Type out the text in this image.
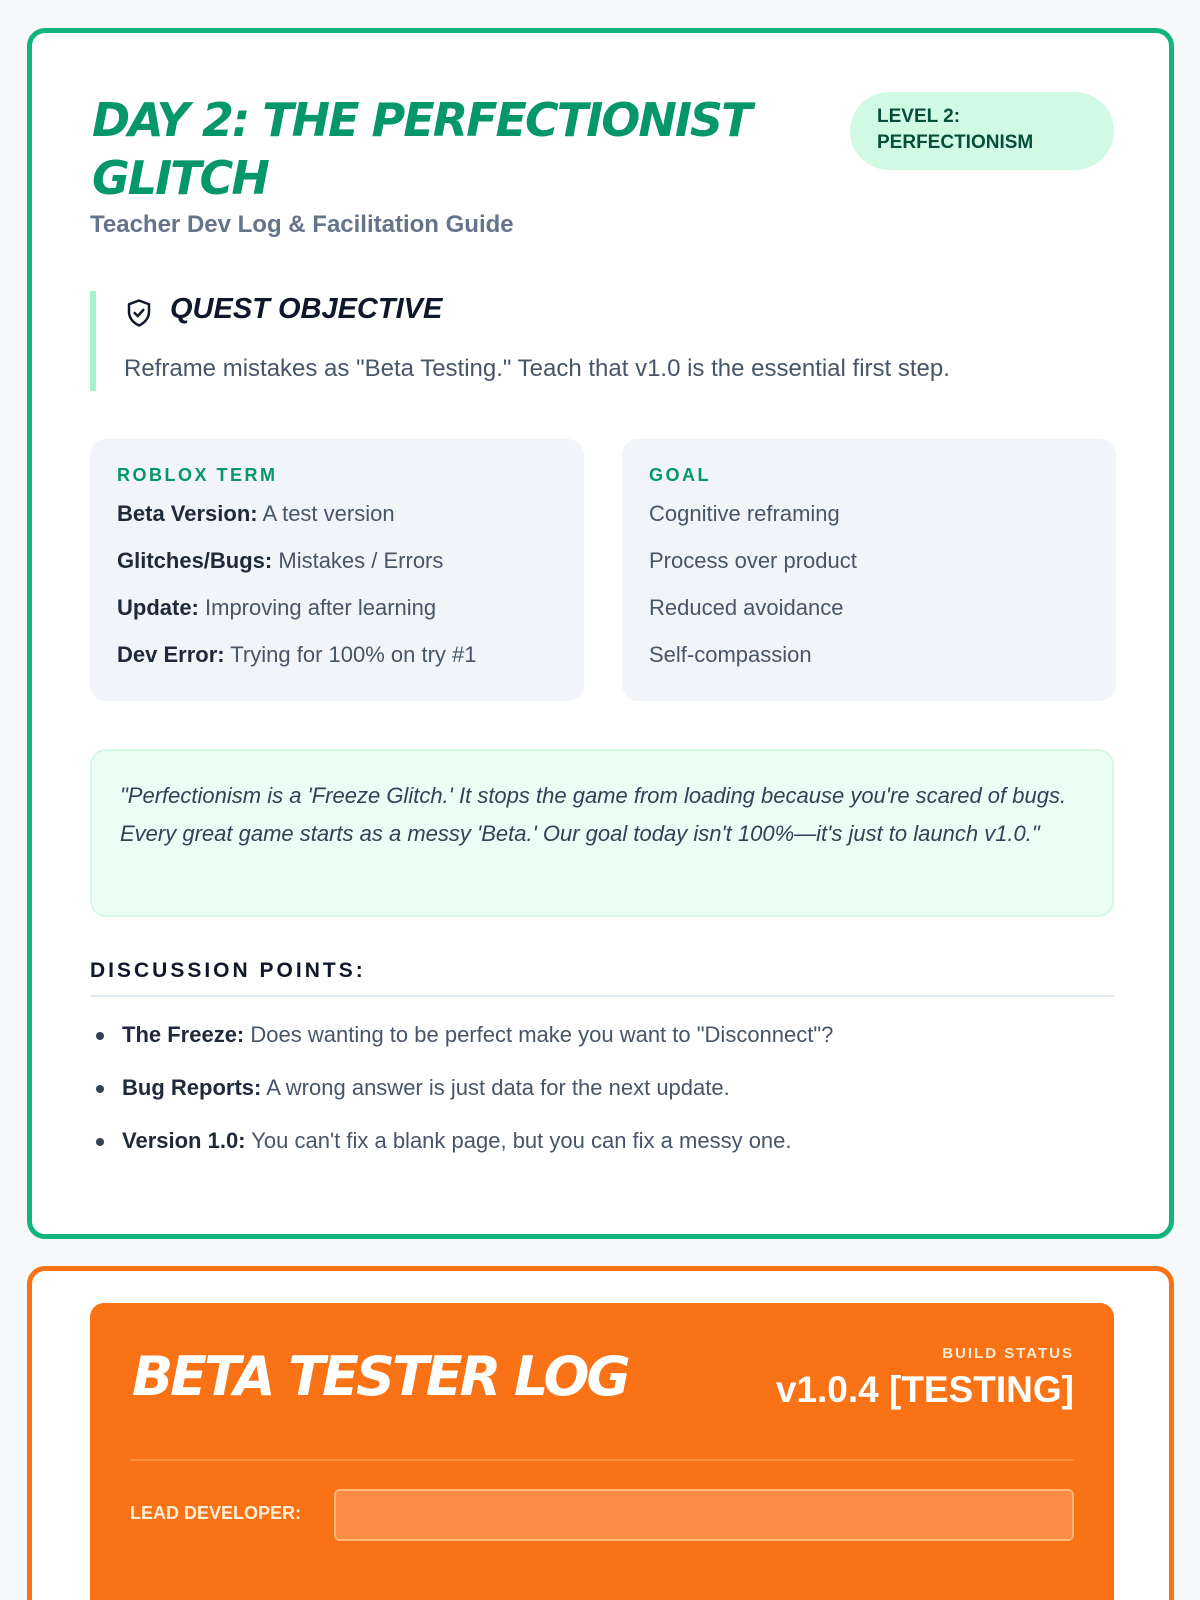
DAY 2: THE PERFECTIONIST GLITCH
LEVEL 2: PERFECTIONISM
Teacher Dev Log & Facilitation Guide
QUEST OBJECTIVE
Reframe mistakes as "Beta Testing." Teach that v1.0 is the essential first step.
ROBLOX TERM
Beta Version: A test version
Glitches/Bugs: Mistakes / Errors
Update: Improving after learning
Dev Error: Trying for 100% on try #1
GOAL
Cognitive reframing
Process over product
Reduced avoidance
Self-compassion
"Perfectionism is a 'Freeze Glitch.' It stops the game from loading because you're scared of bugs. Every great game starts as a messy 'Beta.' Our goal today isn't 100%—it's just to launch v1.0."
DISCUSSION POINTS:
The Freeze: Does wanting to be perfect make you want to "Disconnect"?
Bug Reports: A wrong answer is just data for the next update.
Version 1.0: You can't fix a blank page, but you can fix a messy one.
BETA TESTER LOG	BUILD STATUS
v1.0.4 [TESTING]
LEAD DEVELOPER:
